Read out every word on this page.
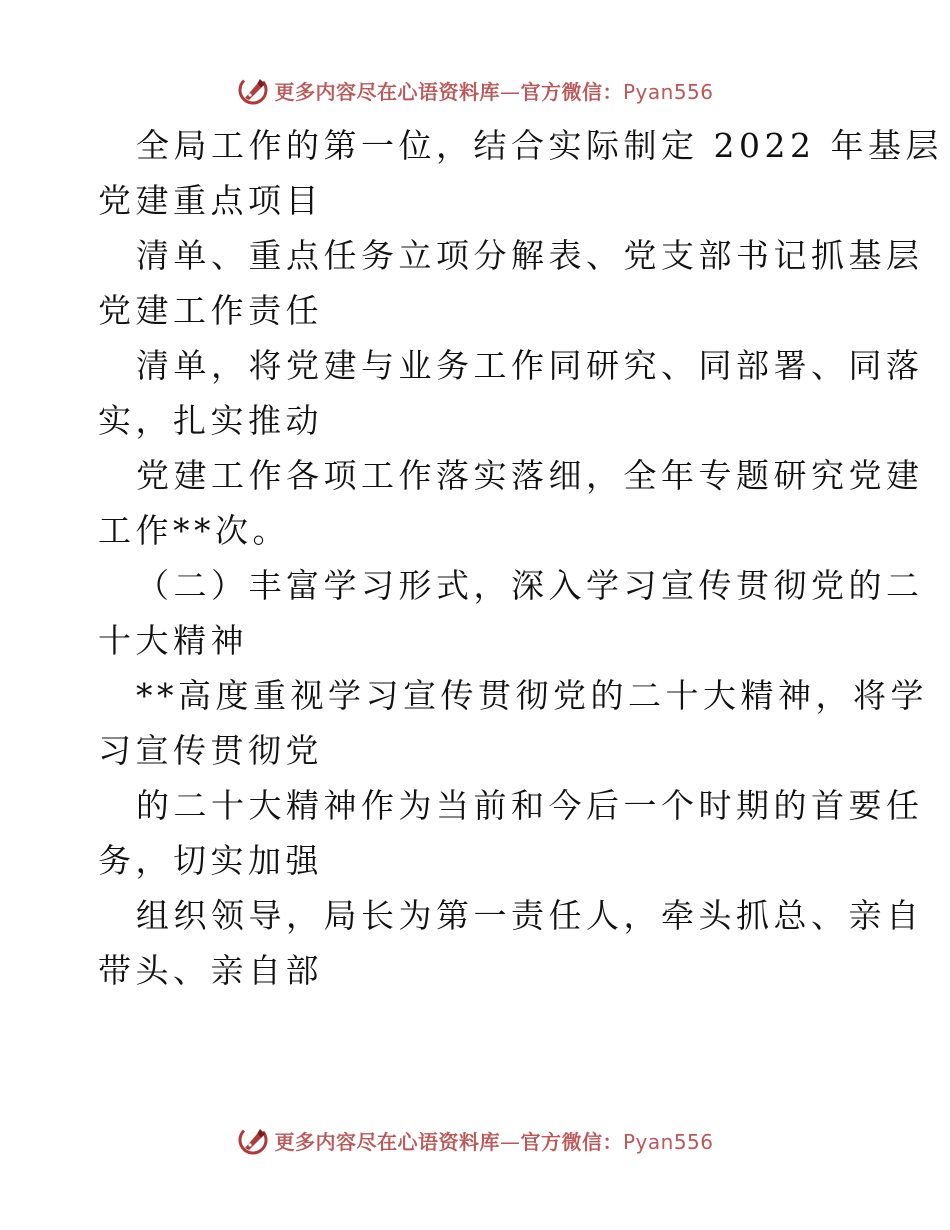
更多内容尽在心语资料库—官方微信：Pyan556
全局工作的第一位，结合实际制定 2022 年基层
党建重点项目
清单、重点任务立项分解表、党支部书记抓基层
党建工作责任
清单，将党建与业务工作同研究、同部署、同落
实，扎实推动
党建工作各项工作落实落细，全年专题研究党建
工作**次。
（二）丰富学习形式，深入学习宣传贯彻党的二
十大精神
**高度重视学习宣传贯彻党的二十大精神，将学
习宣传贯彻党
的二十大精神作为当前和今后一个时期的首要任
务，切实加强
组织领导，局长为第一责任人，牵头抓总、亲自
带头、亲自部
更多内容尽在心语资料库—官方微信：Pyan556
